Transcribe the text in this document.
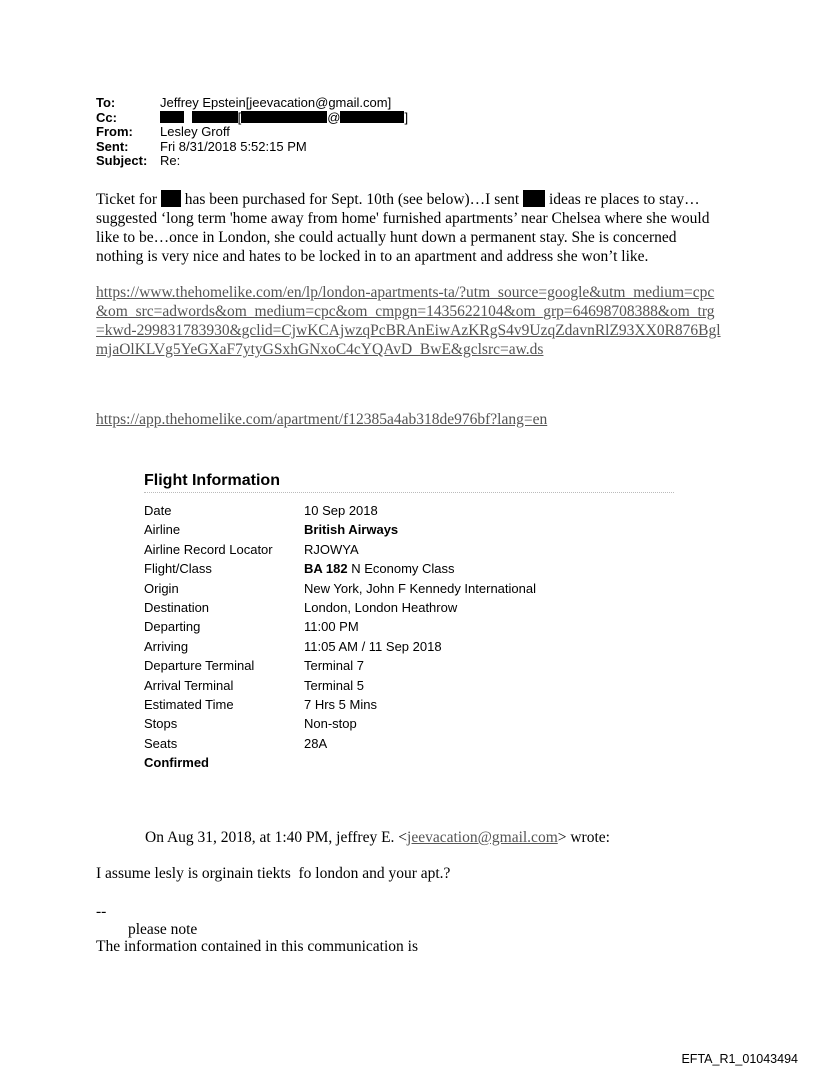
To:	Jeffrey Epstein[jeevacation@gmail.com]
Cc:	[	@	]
From:	Lesley Groff
Sent:	Fri 8/31/2018 5:52:15 PM
Subject: Re:
Ticket for has been purchased for Sept. 10th (see below)…I sent ideas re places to stay…suggested ‘long term 'home away from home' furnished apartments’ near Chelsea where she would like to be…once in London, she could actually hunt down a permanent stay. She is concerned nothing is very nice and hates to be locked in to an apartment and address she won’t like.
https://www.thehomelike.com/en/lp/london-apartments-ta/?utm_source=google&utm_medium=cpc&om_src=adwords&om_medium=cpc&om_cmpgn=1435622104&om_grp=64698708388&om_trg=kwd-299831783930&gclid=CjwKCAjwzqPcBRAnEiwAzKRgS4v9UzqZdavnRlZ93XX0R876BglmjaOlKLVg5YeGXaF7ytyGSxhGNxoC4cYQAvD_BwE&gclsrc=aw.ds
https://app.thehomelike.com/apartment/f12385a4ab318de976bf?lang=en
Flight Information
Date	10 Sep 2018
Airline	British Airways
Airline Record Locator	RJOWYA
Flight/Class	BA 182 N Economy Class
Origin	New York, John F Kennedy International
Destination	London, London Heathrow
Departing	11:00 PM
Arriving	11:05 AM / 11 Sep 2018
Departure Terminal	Terminal 7
Arrival Terminal	Terminal 5
Estimated Time	7 Hrs 5 Mins
Stops	Non-stop
Seats	28A
Confirmed
On Aug 31, 2018, at 1:40 PM, jeffrey E. <jeevacation@gmail.com> wrote:
I assume lesly is orginain tiekts  fo london and your apt.?
--
please note
The information contained in this communication is
EFTA_R1_01043494
